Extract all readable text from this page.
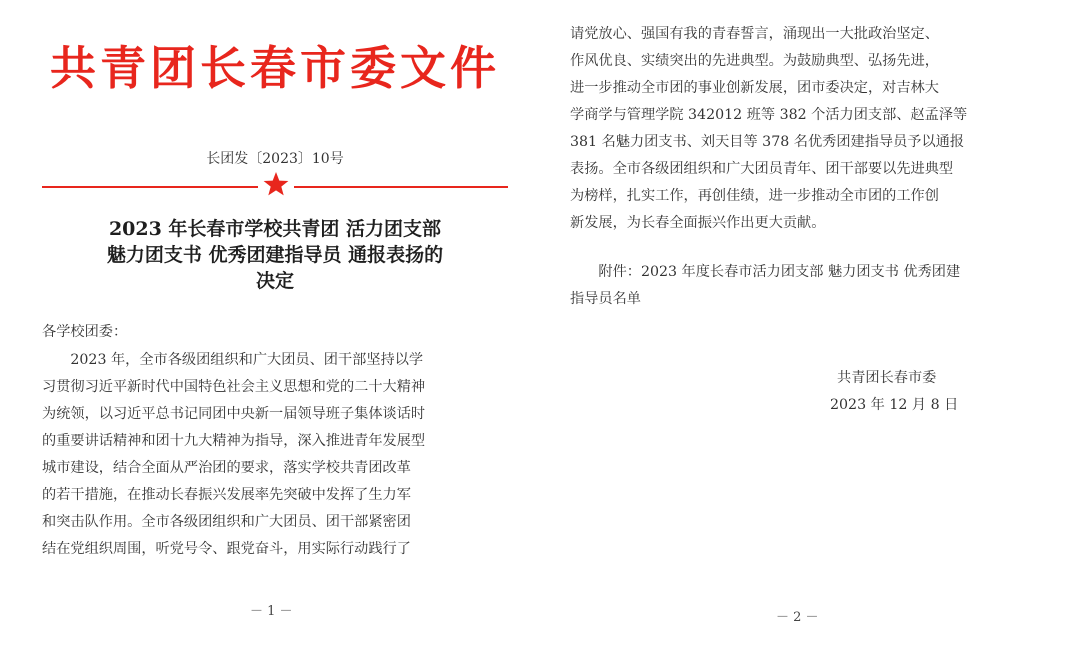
共青团长春市委文件
长团发〔2023〕10号
2023 年长春市学校共青团 活力团支部
魅力团支书 优秀团建指导员 通报表扬的
决定
各学校团委：
　　2023 年，全市各级团组织和广大团员、团干部坚持以学
习贯彻习近平新时代中国特色社会主义思想和党的二十大精神
为统领，以习近平总书记同团中央新一届领导班子集体谈话时
的重要讲话精神和团十九大精神为指导，深入推进青年发展型
城市建设，结合全面从严治团的要求，落实学校共青团改革
的若干措施，在推动长春振兴发展率先突破中发挥了生力军
和突击队作用。全市各级团组织和广大团员、团干部紧密团
结在党组织周围，听党号令、跟党奋斗，用实际行动践行了
－ 1 －
请党放心、强国有我的青春誓言，涌现出一大批政治坚定、
作风优良、实绩突出的先进典型。为鼓励典型、弘扬先进，
进一步推动全市团的事业创新发展，团市委决定，对吉林大
学商学与管理学院 342012 班等 382 个活力团支部、赵孟泽等
381 名魅力团支书、刘天目等 378 名优秀团建指导员予以通报
表扬。全市各级团组织和广大团员青年、团干部要以先进典型
为榜样，扎实工作，再创佳绩，进一步推动全市团的工作创
新发展，为长春全面振兴作出更大贡献。
　　附件：2023 年度长春市活力团支部 魅力团支书 优秀团建
指导员名单
共青团长春市委
2023 年 12 月 8 日
－ 2 －
